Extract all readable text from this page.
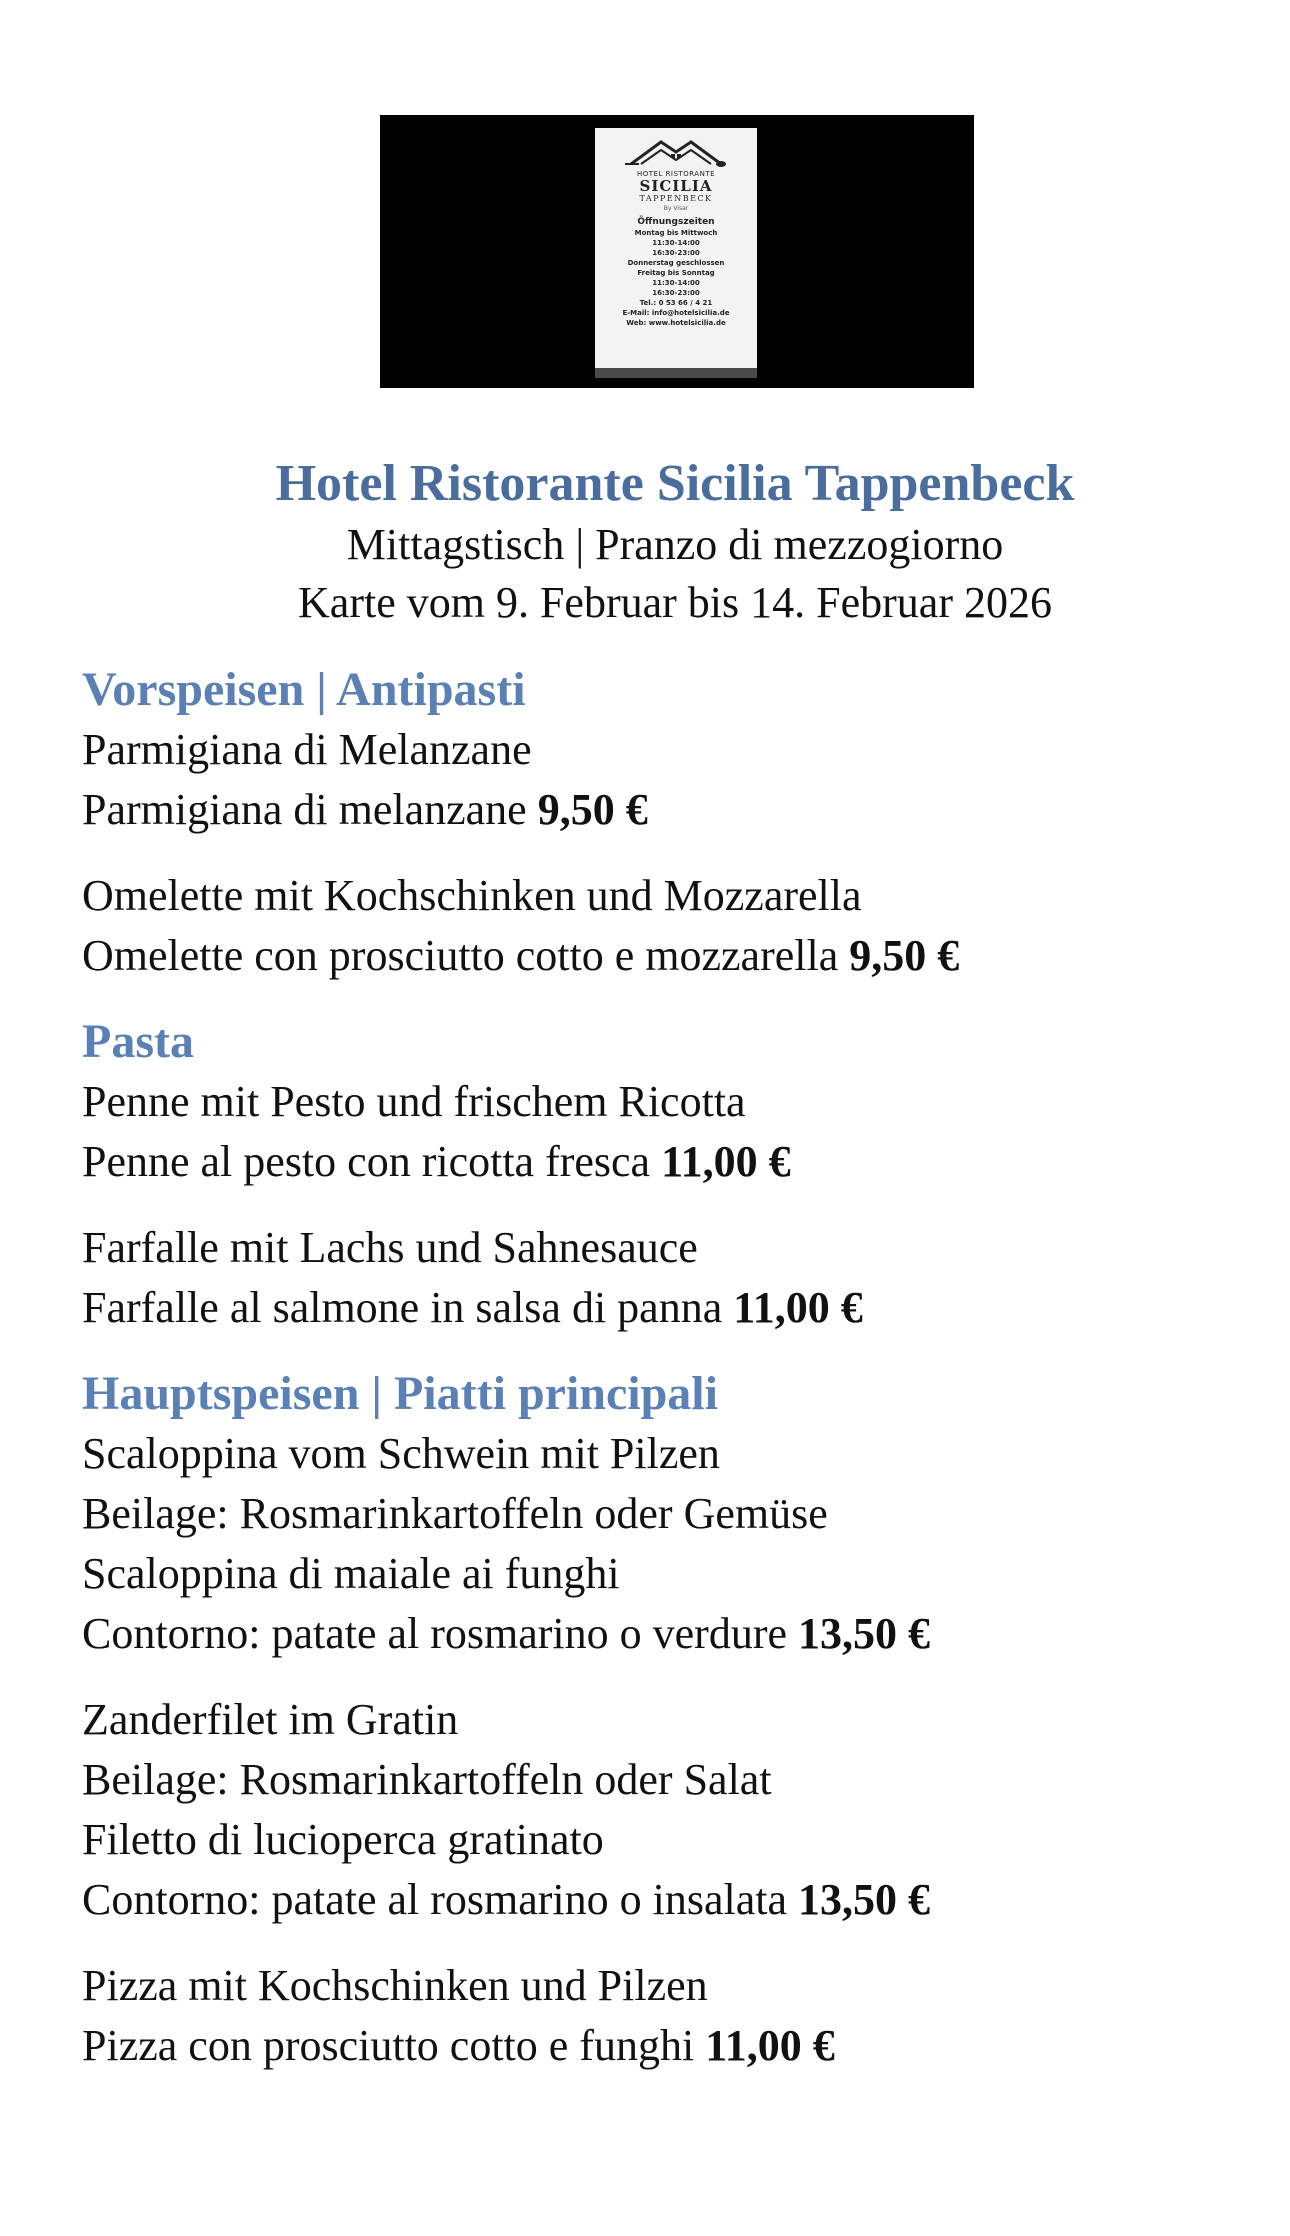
HOTEL RISTORANTE
SICILIA
TAPPENBECK
By Visar
Öffnungszeiten
Montag bis Mittwoch
11:30-14:00
16:30-23:00
Donnerstag geschlossen
Freitag bis Sonntag
11:30-14:00
16:30-23:00
Tel.: 0 53 66 / 4 21
E-Mail: info@hotelsicilia.de
Web: www.hotelsicilia.de
Hotel Ristorante Sicilia Tappenbeck
Mittagstisch | Pranzo di mezzogiorno
Karte vom 9. Februar bis 14. Februar 2026
Vorspeisen | Antipasti
Parmigiana di Melanzane
Parmigiana di melanzane 9,50 €
Omelette mit Kochschinken und Mozzarella
Omelette con prosciutto cotto e mozzarella 9,50 €
Pasta
Penne mit Pesto und frischem Ricotta
Penne al pesto con ricotta fresca 11,00 €
Farfalle mit Lachs und Sahnesauce
Farfalle al salmone in salsa di panna 11,00 €
Hauptspeisen | Piatti principali
Scaloppina vom Schwein mit Pilzen
Beilage: Rosmarinkartoffeln oder Gemüse
Scaloppina di maiale ai funghi
Contorno: patate al rosmarino o verdure 13,50 €
Zanderfilet im Gratin
Beilage: Rosmarinkartoffeln oder Salat
Filetto di lucioperca gratinato
Contorno: patate al rosmarino o insalata 13,50 €
Pizza mit Kochschinken und Pilzen
Pizza con prosciutto cotto e funghi 11,00 €
